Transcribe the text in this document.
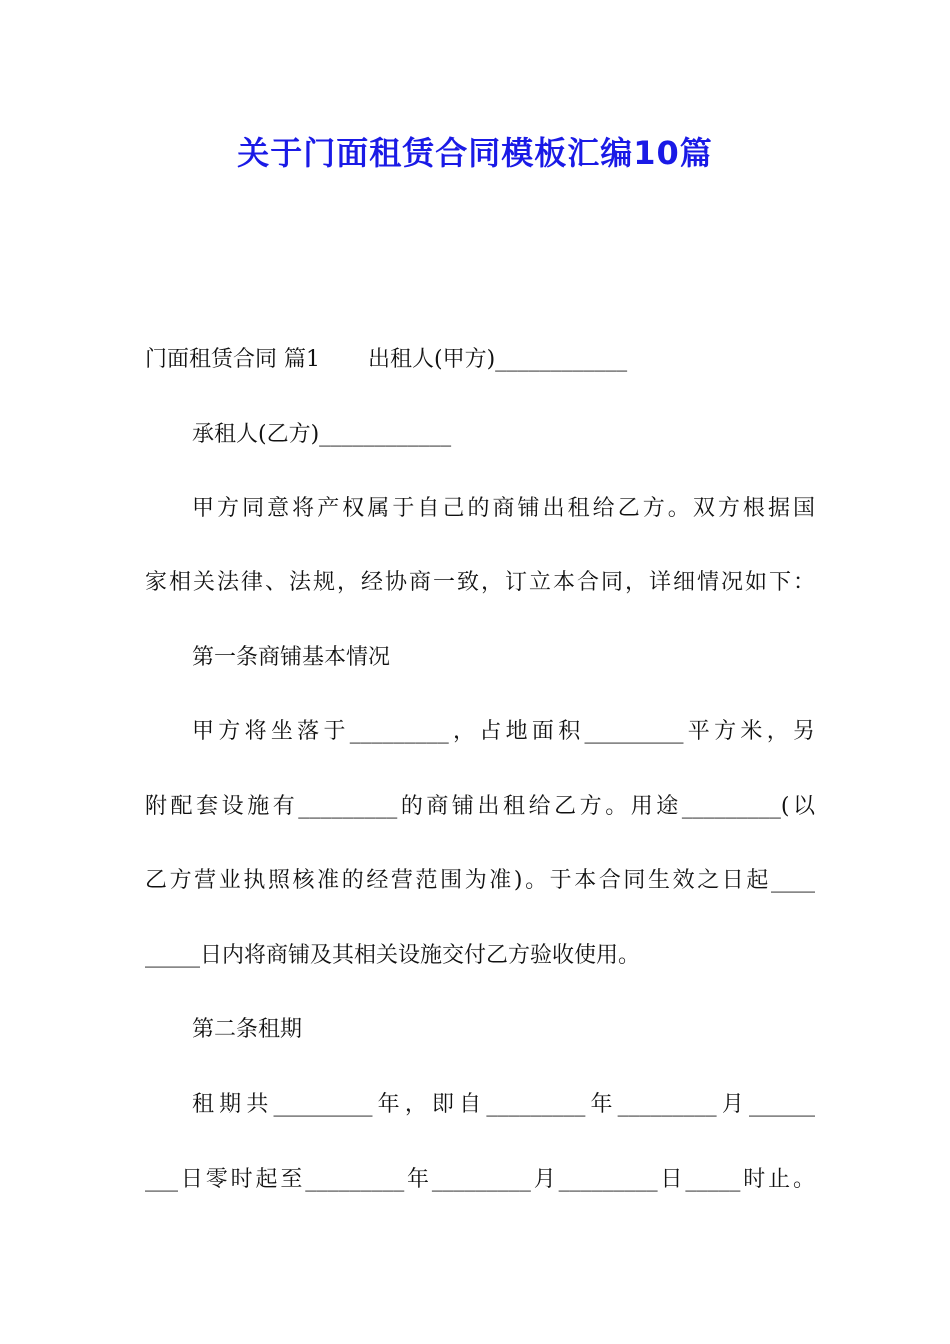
关于门面租赁合同模板汇编10篇
门面租赁合同 篇1 出租人(甲方)____________
承租人(乙方)____________
甲方同意将产权属于自己的商铺出租给乙方。双方根据国
家相关法律、法规，经协商一致，订立本合同，详细情况如下：
第一条商铺基本情况
甲方将坐落于_________，占地面积_________平方米，另
附配套设施有_________的商铺出租给乙方。用途_________(以
乙方营业执照核准的经营范围为准)。于本合同生效之日起____
_____日内将商铺及其相关设施交付乙方验收使用。
第二条租期
租期共_________年，即自_________年_________月______
___日零时起至_________年_________月_________日_____时止。
